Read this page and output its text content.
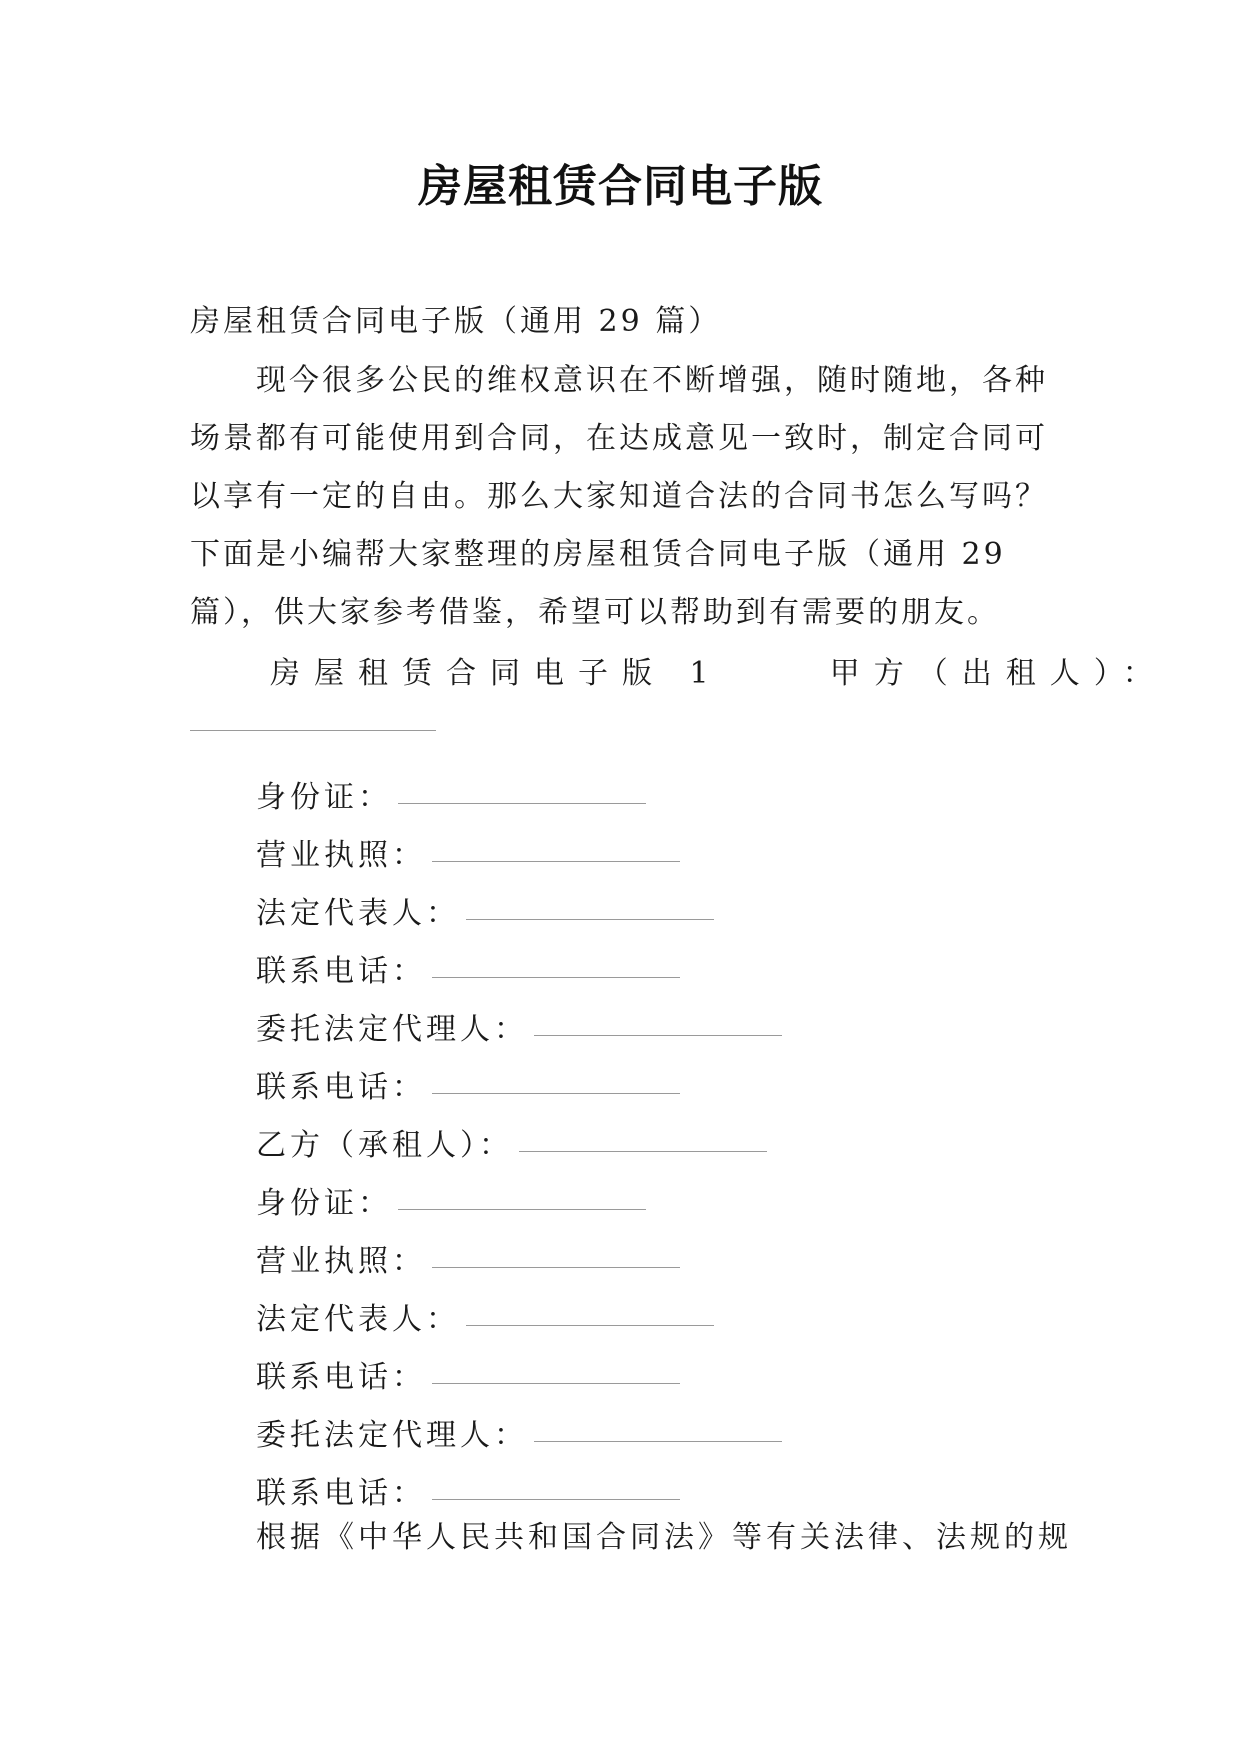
房屋租赁合同电子版
房屋租赁合同电子版（通用 29 篇）
现今很多公民的维权意识在不断增强，随时随地，各种
场景都有可能使用到合同，在达成意见一致时，制定合同可
以享有一定的自由。那么大家知道合法的合同书怎么写吗？
下面是小编帮大家整理的房屋租赁合同电子版（通用 29
篇），供大家参考借鉴，希望可以帮助到有需要的朋友。
房屋租赁合同电子版 1	甲方（出租人）：
身份证：
营业执照：
法定代表人：
联系电话：
委托法定代理人：
联系电话：
乙方（承租人）：
身份证：
营业执照：
法定代表人：
联系电话：
委托法定代理人：
联系电话：
根据《中华人民共和国合同法》等有关法律、法规的规
